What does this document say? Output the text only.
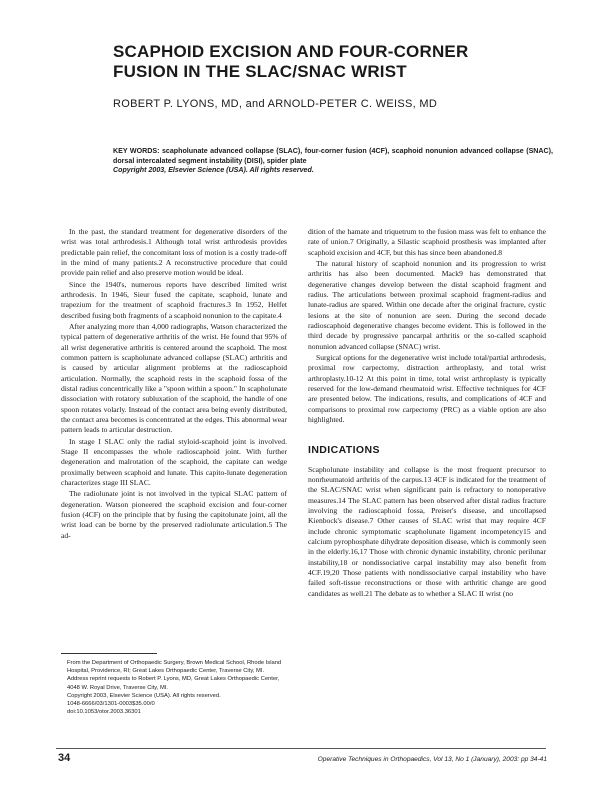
SCAPHOID EXCISION AND FOUR-CORNER
FUSION IN THE SLAC/SNAC WRIST
ROBERT P. LYONS, MD, and ARNOLD-PETER C. WEISS, MD
KEY WORDS: scapholunate advanced collapse (SLAC), four-corner fusion (4CF), scaphoid nonunion advanced collapse (SNAC), dorsal intercalated segment instability (DISI), spider plate
Copyright 2003, Elsevier Science (USA). All rights reserved.

In the past, the standard treatment for degenerative disorders of the wrist was total arthrodesis.1 Although total wrist arthrodesis provides predictable pain relief, the concomitant loss of motion is a costly trade-off in the mind of many patients.2 A reconstructive procedure that could provide pain relief and also preserve motion would be ideal.

Since the 1940's, numerous reports have described limited wrist arthrodesis. In 1946, Sieur fused the capitate, scaphoid, lunate and trapezium for the treatment of scaphoid fractures.3 In 1952, Helfet described fusing both fragments of a scaphoid nonunion to the capitate.4

After analyzing more than 4,000 radiographs, Watson characterized the typical pattern of degenerative arthritis of the wrist. He found that 95% of all wrist degenerative arthritis is centered around the scaphoid. The most common pattern is scapholunate advanced collapse (SLAC) arthritis and is caused by articular alignment problems at the radioscaphoid articulation. Normally, the scaphoid rests in the scaphoid fossa of the distal radius concentrically like a "spoon within a spoon." In scapholunate dissociation with rotatory subluxation of the scaphoid, the handle of one spoon rotates volarly. Instead of the contact area being evenly distributed, the contact area becomes is concentrated at the edges. This abnormal wear pattern leads to articular destruction.

In stage I SLAC only the radial styloid-scaphoid joint is involved. Stage II encompasses the whole radioscaphoid joint. With further degeneration and malrotation of the scaphoid, the capitate can wedge proximally between scaphoid and lunate. This capito-lunate degeneration characterizes stage III SLAC.

The radiolunate joint is not involved in the typical SLAC pattern of degeneration. Watson pioneered the scaphoid excision and four-corner fusion (4CF) on the principle that by fusing the capitolunate joint, all the wrist load can be borne by the preserved radiolunate articulation.5 The ad-

dition of the hamate and triquetrum to the fusion mass was felt to enhance the rate of union.7 Originally, a Silastic scaphoid prosthesis was implanted after scaphoid excision and 4CF, but this has since been abandoned.8

The natural history of scaphoid nonunion and its progression to wrist arthritis has also been documented. Mack9 has demonstrated that degenerative changes develop between the distal scaphoid fragment and radius. The articulations between proximal scaphoid fragment-radius and lunate-radius are spared. Within one decade after the original fracture, cystic lesions at the site of nonunion are seen. During the second decade radioscaphoid degenerative changes become evident. This is followed in the third decade by progressive pancarpal arthritis or the so-called scaphoid nonunion advanced collapse (SNAC) wrist.

Surgical options for the degenerative wrist include total/partial arthrodesis, proximal row carpectomy, distraction arthroplasty, and total wrist arthroplasty.10-12 At this point in time, total wrist arthroplasty is typically reserved for the low-demand rheumatoid wrist. Effective techniques for 4CF are presented below. The indications, results, and complications of 4CF and comparisons to proximal row carpectomy (PRC) as a viable option are also highlighted.

INDICATIONS

Scapholunate instability and collapse is the most frequent precursor to nonrheumatoid arthritis of the carpus.13 4CF is indicated for the treatment of the SLAC/SNAC wrist when significant pain is refractory to nonoperative measures.14 The SLAC pattern has been observed after distal radius fracture involving the radioscaphoid fossa, Preiser's disease, and uncollapsed Kienbock's disease.7 Other causes of SLAC wrist that may require 4CF include chronic symptomatic scapholunate ligament incompetency15 and calcium pyrophosphate dihydrate deposition disease, which is commonly seen in the elderly.16,17 Those with chronic dynamic instability, chronic perilunar instability,18 or nondissociative carpal instability may also benefit from 4CF.19,20 Those patients with nondissociative carpal instability who have failed soft-tissue reconstructions or those with arthritic change are good candidates as well.21 The debate as to whether a SLAC II wrist (no

From the Department of Orthopaedic Surgery, Brown Medical School, Rhode Island Hospital, Providence, RI; Great Lakes Orthopaedic Center, Traverse City, MI.
Address reprint requests to Robert P. Lyons, MD, Great Lakes Orthopaedic Center, 4048 W. Royal Drive, Traverse City, MI.
Copyright 2003, Elsevier Science (USA). All rights reserved.
1048-6666/03/1301-0003$35.00/0
doi:10.1053/otor.2003.36301
34	Operative Techniques in Orthopaedics, Vol 13, No 1 (January), 2003: pp 34-41
